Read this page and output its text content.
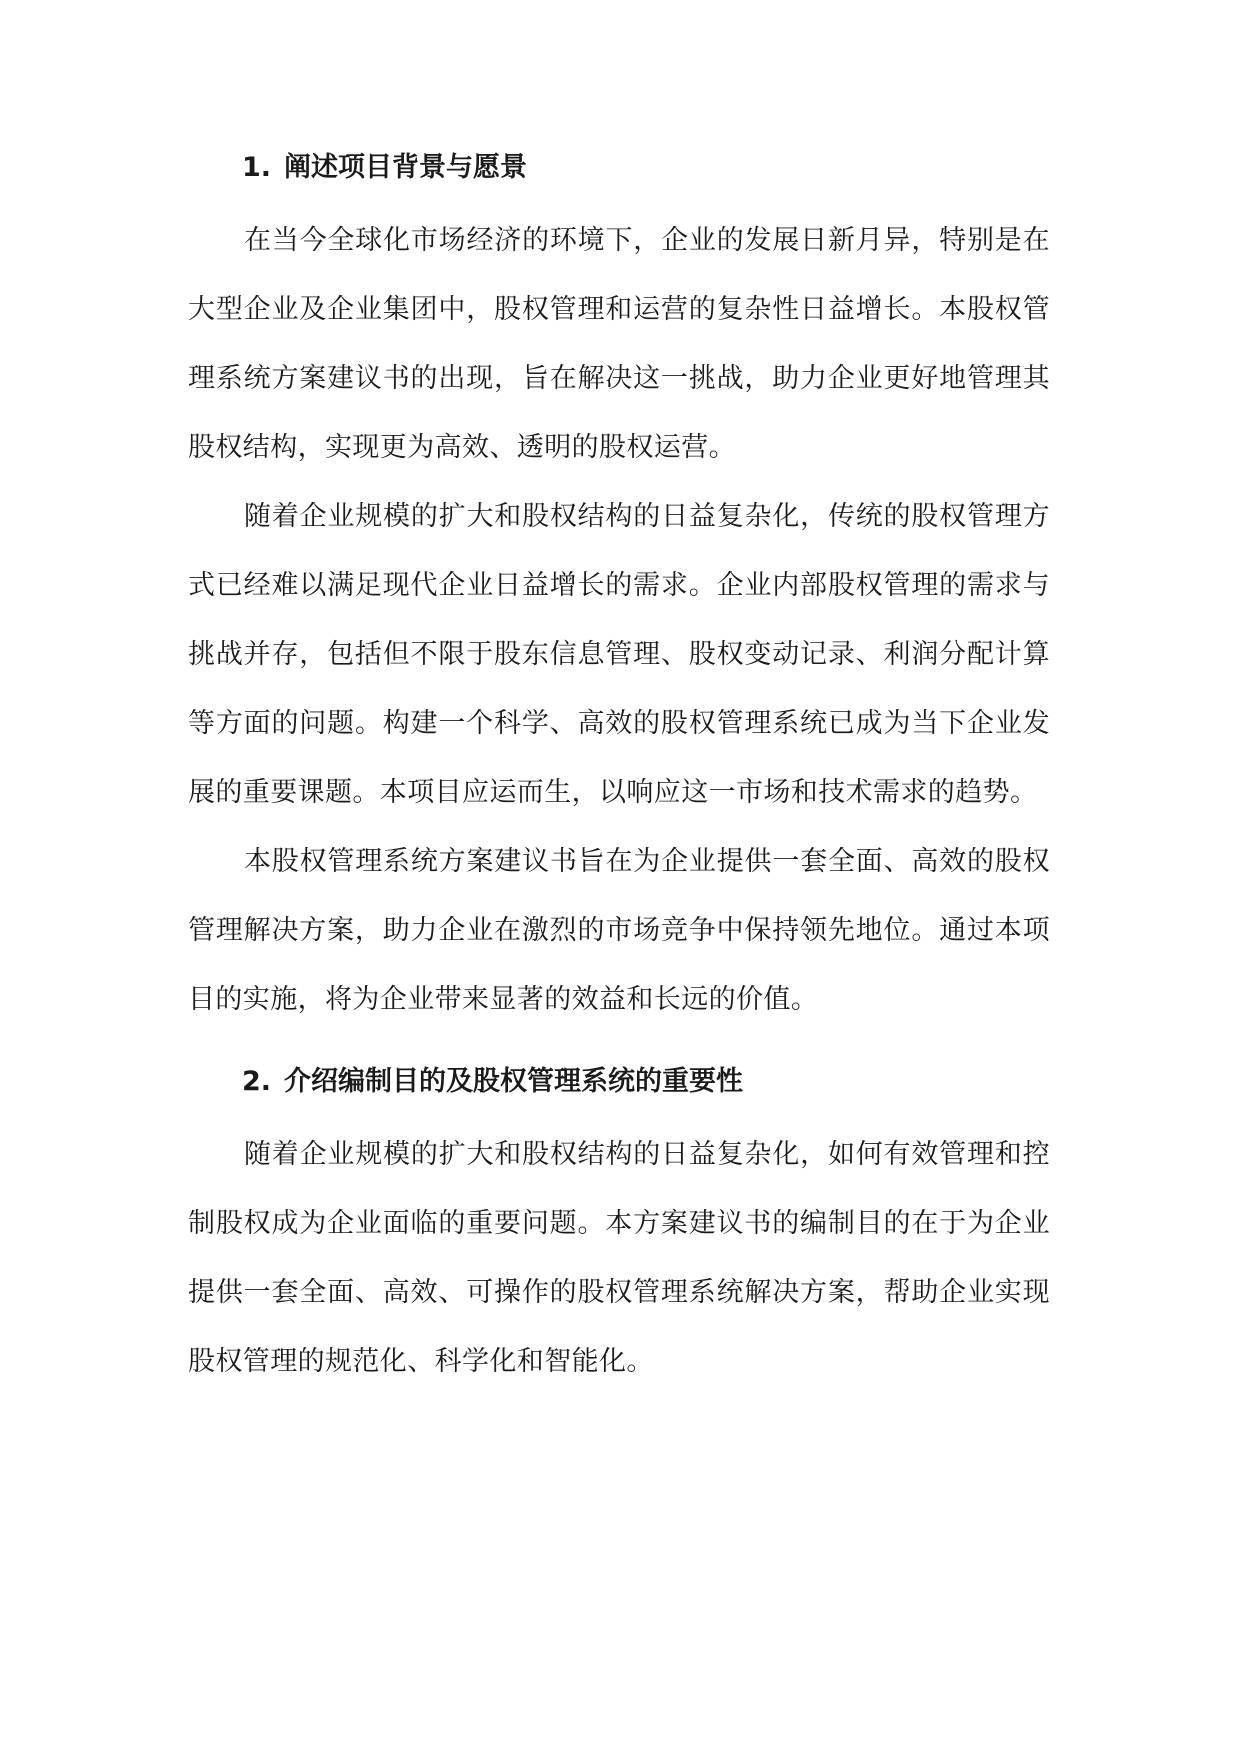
1. 阐述项目背景与愿景

在当今全球化市场经济的环境下，企业的发展日新月异，特别是在大型企业及企业集团中，股权管理和运营的复杂性日益增长。本股权管理系统方案建议书的出现，旨在解决这一挑战，助力企业更好地管理其股权结构，实现更为高效、透明的股权运营。

随着企业规模的扩大和股权结构的日益复杂化，传统的股权管理方式已经难以满足现代企业日益增长的需求。企业内部股权管理的需求与挑战并存，包括但不限于股东信息管理、股权变动记录、利润分配计算等方面的问题。构建一个科学、高效的股权管理系统已成为当下企业发展的重要课题。本项目应运而生，以响应这一市场和技术需求的趋势。

本股权管理系统方案建议书旨在为企业提供一套全面、高效的股权管理解决方案，助力企业在激烈的市场竞争中保持领先地位。通过本项目的实施，将为企业带来显著的效益和长远的价值。

2. 介绍编制目的及股权管理系统的重要性

随着企业规模的扩大和股权结构的日益复杂化，如何有效管理和控制股权成为企业面临的重要问题。本方案建议书的编制目的在于为企业提供一套全面、高效、可操作的股权管理系统解决方案，帮助企业实现股权管理的规范化、科学化和智能化。
